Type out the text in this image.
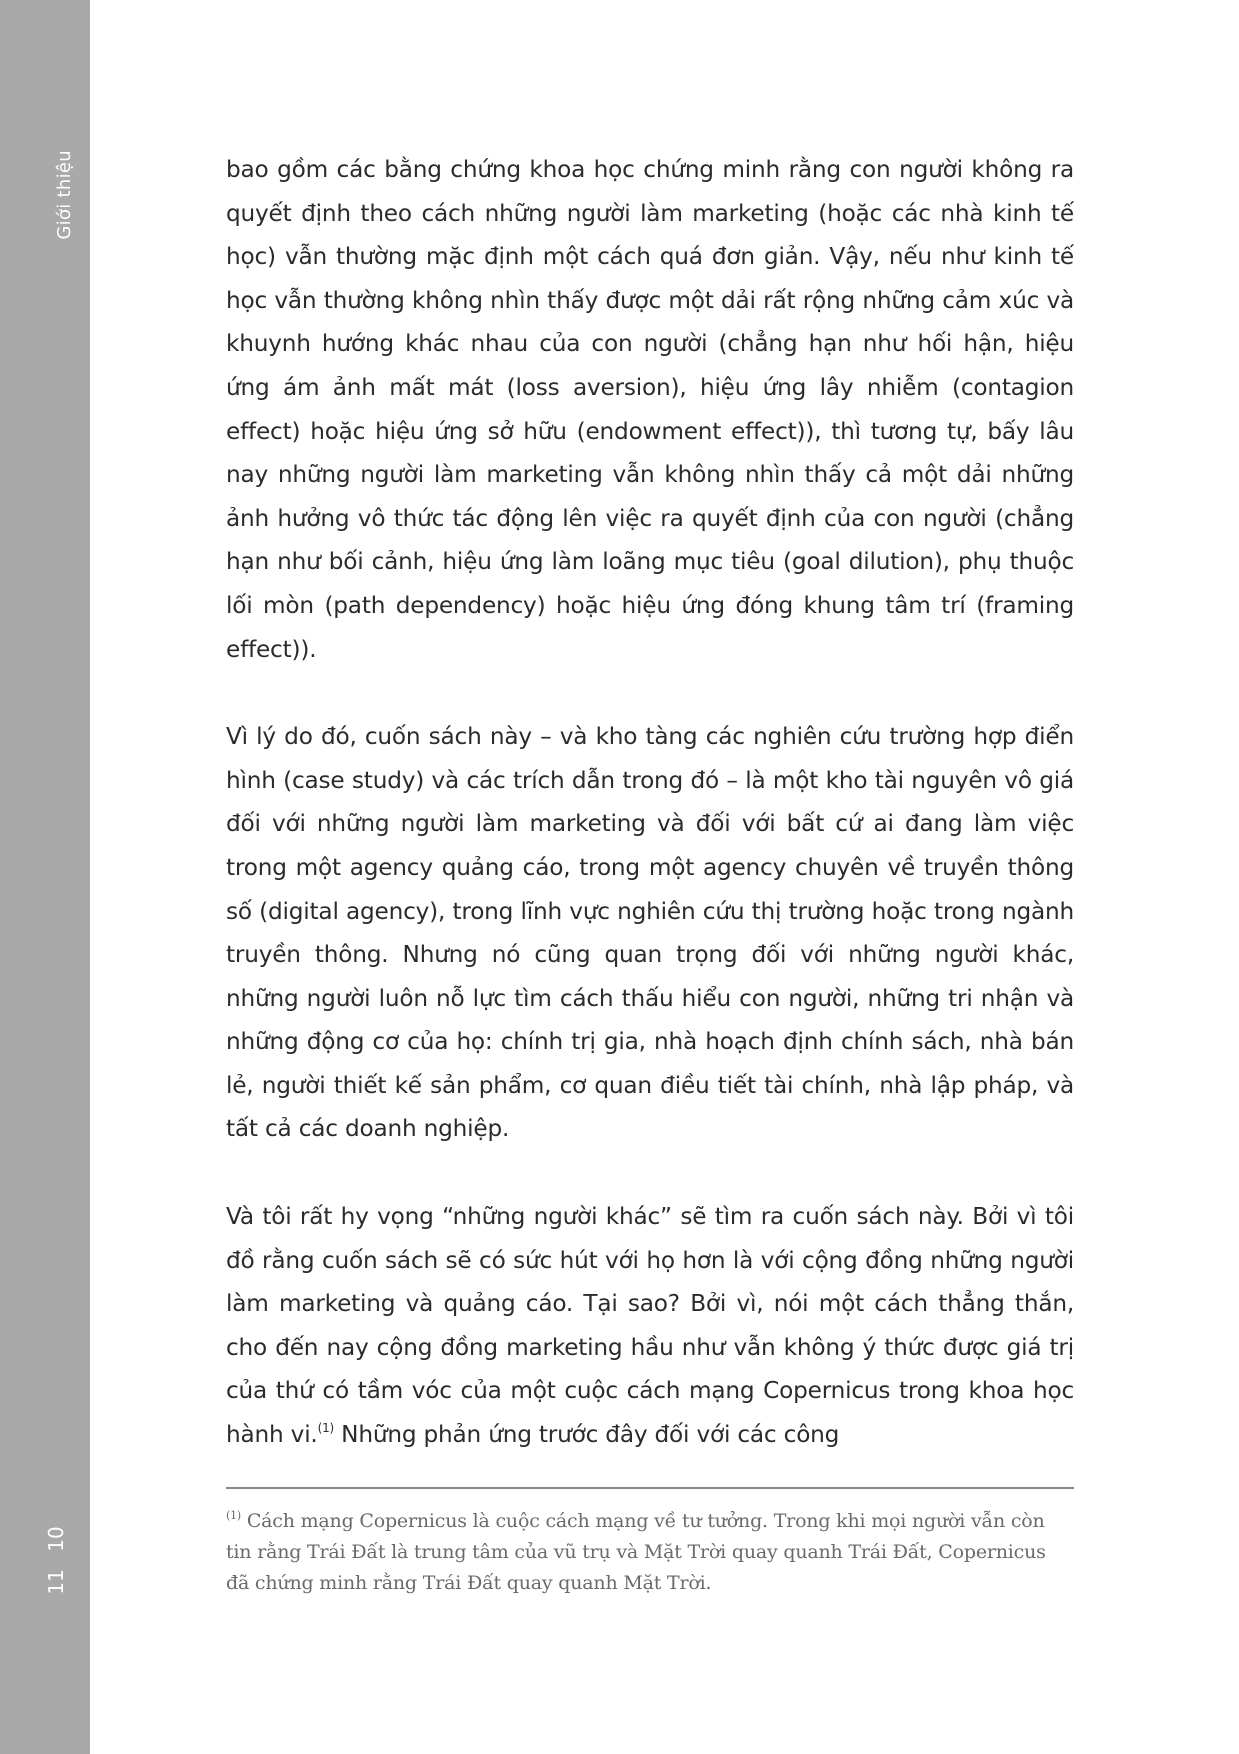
Giới thiệu
10
11

bao gồm các bằng chứng khoa học chứng minh rằng con người không ra quyết định theo cách những người làm marketing (hoặc các nhà kinh tế học) vẫn thường mặc định một cách quá đơn giản. Vậy, nếu như kinh tế học vẫn thường không nhìn thấy được một dải rất rộng những cảm xúc và khuynh hướng khác nhau của con người (chẳng hạn như hối hận, hiệu ứng ám ảnh mất mát (loss aversion), hiệu ứng lây nhiễm (contagion effect) hoặc hiệu ứng sở hữu (endowment effect)), thì tương tự, bấy lâu nay những người làm marketing vẫn không nhìn thấy cả một dải những ảnh hưởng vô thức tác động lên việc ra quyết định của con người (chẳng hạn như bối cảnh, hiệu ứng làm loãng mục tiêu (goal dilution), phụ thuộc lối mòn (path dependency) hoặc hiệu ứng đóng khung tâm trí (framing effect)).

Vì lý do đó, cuốn sách này – và kho tàng các nghiên cứu trường hợp điển hình (case study) và các trích dẫn trong đó – là một kho tài nguyên vô giá đối với những người làm marketing và đối với bất cứ ai đang làm việc trong một agency quảng cáo, trong một agency chuyên về truyền thông số (digital agency), trong lĩnh vực nghiên cứu thị trường hoặc trong ngành truyền thông. Nhưng nó cũng quan trọng đối với những người khác, những người luôn nỗ lực tìm cách thấu hiểu con người, những tri nhận và những động cơ của họ: chính trị gia, nhà hoạch định chính sách, nhà bán lẻ, người thiết kế sản phẩm, cơ quan điều tiết tài chính, nhà lập pháp, và tất cả các doanh nghiệp.

Và tôi rất hy vọng “những người khác” sẽ tìm ra cuốn sách này. Bởi vì tôi đồ rằng cuốn sách sẽ có sức hút với họ hơn là với cộng đồng những người làm marketing và quảng cáo. Tại sao? Bởi vì, nói một cách thẳng thắn, cho đến nay cộng đồng marketing hầu như vẫn không ý thức được giá trị của thứ có tầm vóc của một cuộc cách mạng Copernicus trong khoa học hành vi.$^{(1)}$ Những phản ứng trước đây đối với các công

$^{(1)}$ Cách mạng Copernicus là cuộc cách mạng về tư tưởng. Trong khi mọi người vẫn còn tin rằng Trái Đất là trung tâm của vũ trụ và Mặt Trời quay quanh Trái Đất, Copernicus đã chứng minh rằng Trái Đất quay quanh Mặt Trời.
